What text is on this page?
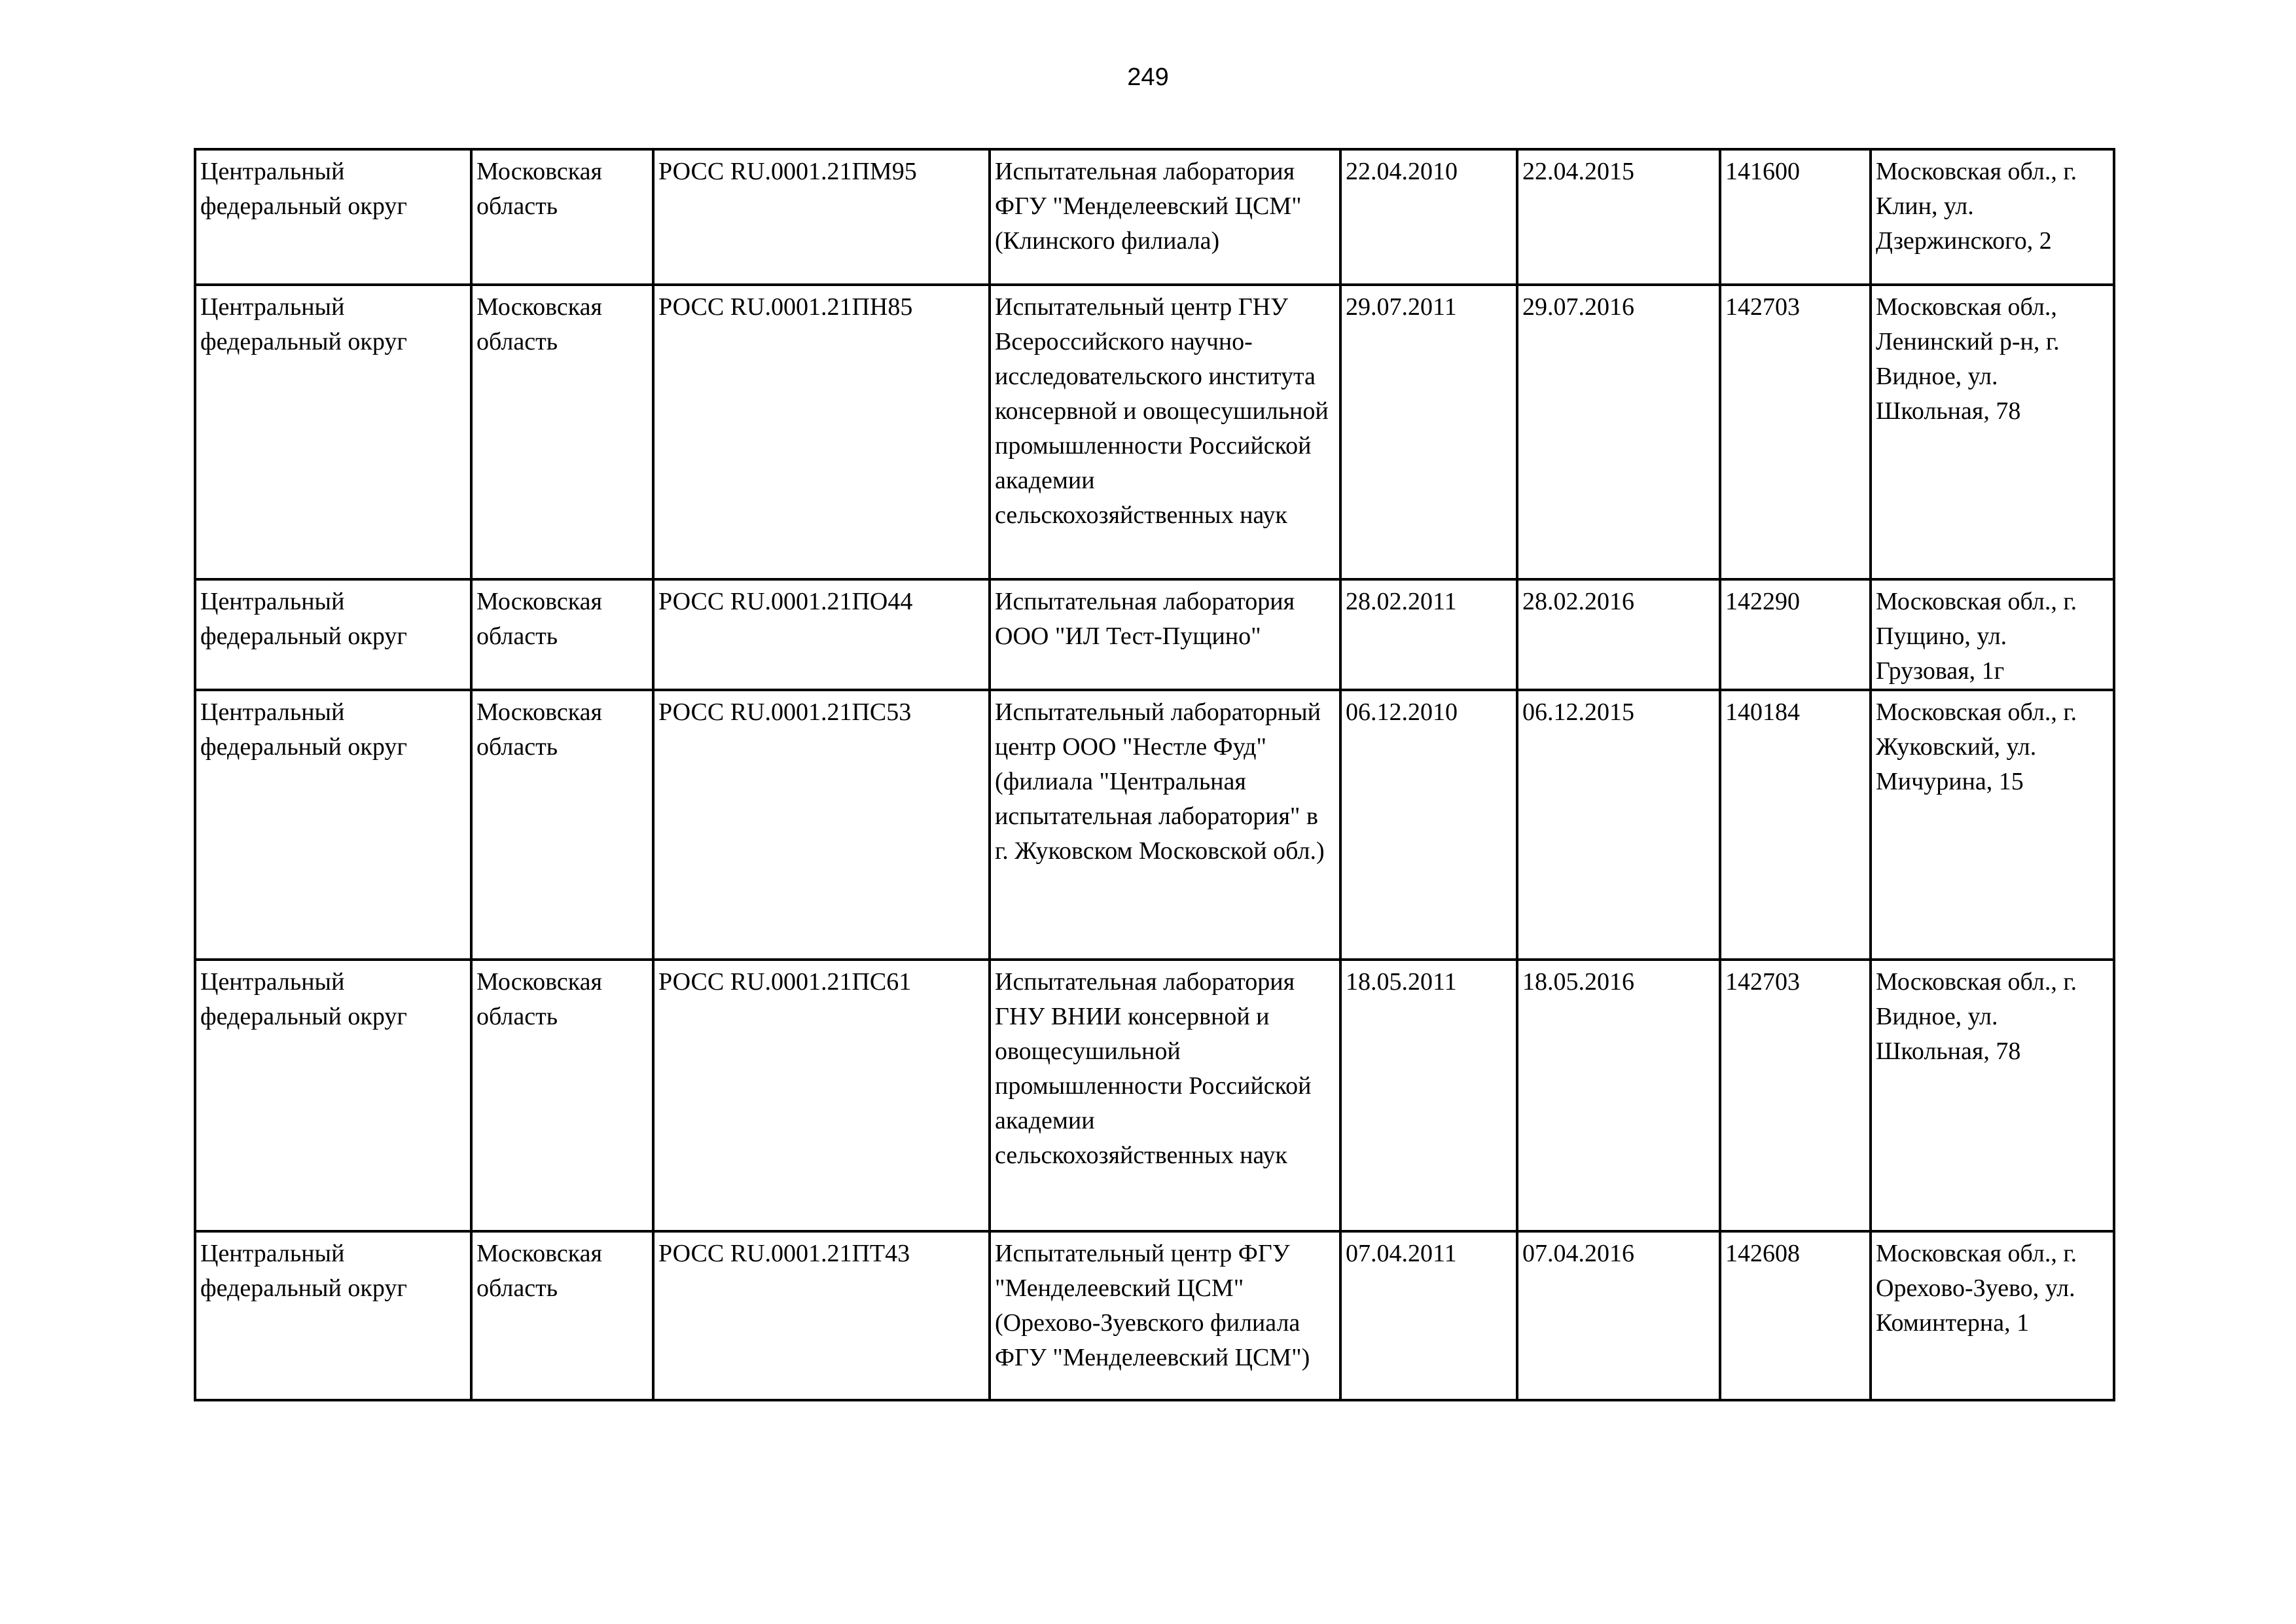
249
Центральный федеральный округ	Московская область	РОСС RU.0001.21ПМ95	Испытательная лаборатория ФГУ "Менделеевский ЦСМ" (Клинского филиала)	22.04.2010	22.04.2015	141600	Московская обл., г. Клин, ул. Дзержинского, 2
Центральный федеральный округ	Московская область	РОСС RU.0001.21ПН85	Испытательный центр ГНУ Всероссийского научно-исследовательского института консервной и овощесушильной промышленности Российской академии сельскохозяйственных наук	29.07.2011	29.07.2016	142703	Московская обл., Ленинский р-н, г. Видное, ул. Школьная, 78
Центральный федеральный округ	Московская область	РОСС RU.0001.21ПО44	Испытательная лаборатория ООО "ИЛ Тест-Пущино"	28.02.2011	28.02.2016	142290	Московская обл., г. Пущино, ул. Грузовая, 1г
Центральный федеральный округ	Московская область	РОСС RU.0001.21ПС53	Испытательный лабораторный центр ООО "Нестле Фуд" (филиала "Центральная испытательная лаборатория" в г. Жуковском Московской обл.)	06.12.2010	06.12.2015	140184	Московская обл., г. Жуковский, ул. Мичурина, 15
Центральный федеральный округ	Московская область	РОСС RU.0001.21ПС61	Испытательная лаборатория ГНУ ВНИИ консервной и овощесушильной промышленности Российской академии сельскохозяйственных наук	18.05.2011	18.05.2016	142703	Московская обл., г. Видное, ул. Школьная, 78
Центральный федеральный округ	Московская область	РОСС RU.0001.21ПТ43	Испытательный центр ФГУ "Менделеевский ЦСМ" (Орехово-Зуевского филиала ФГУ "Менделеевский ЦСМ")	07.04.2011	07.04.2016	142608	Московская обл., г. Орехово-Зуево, ул. Коминтерна, 1
